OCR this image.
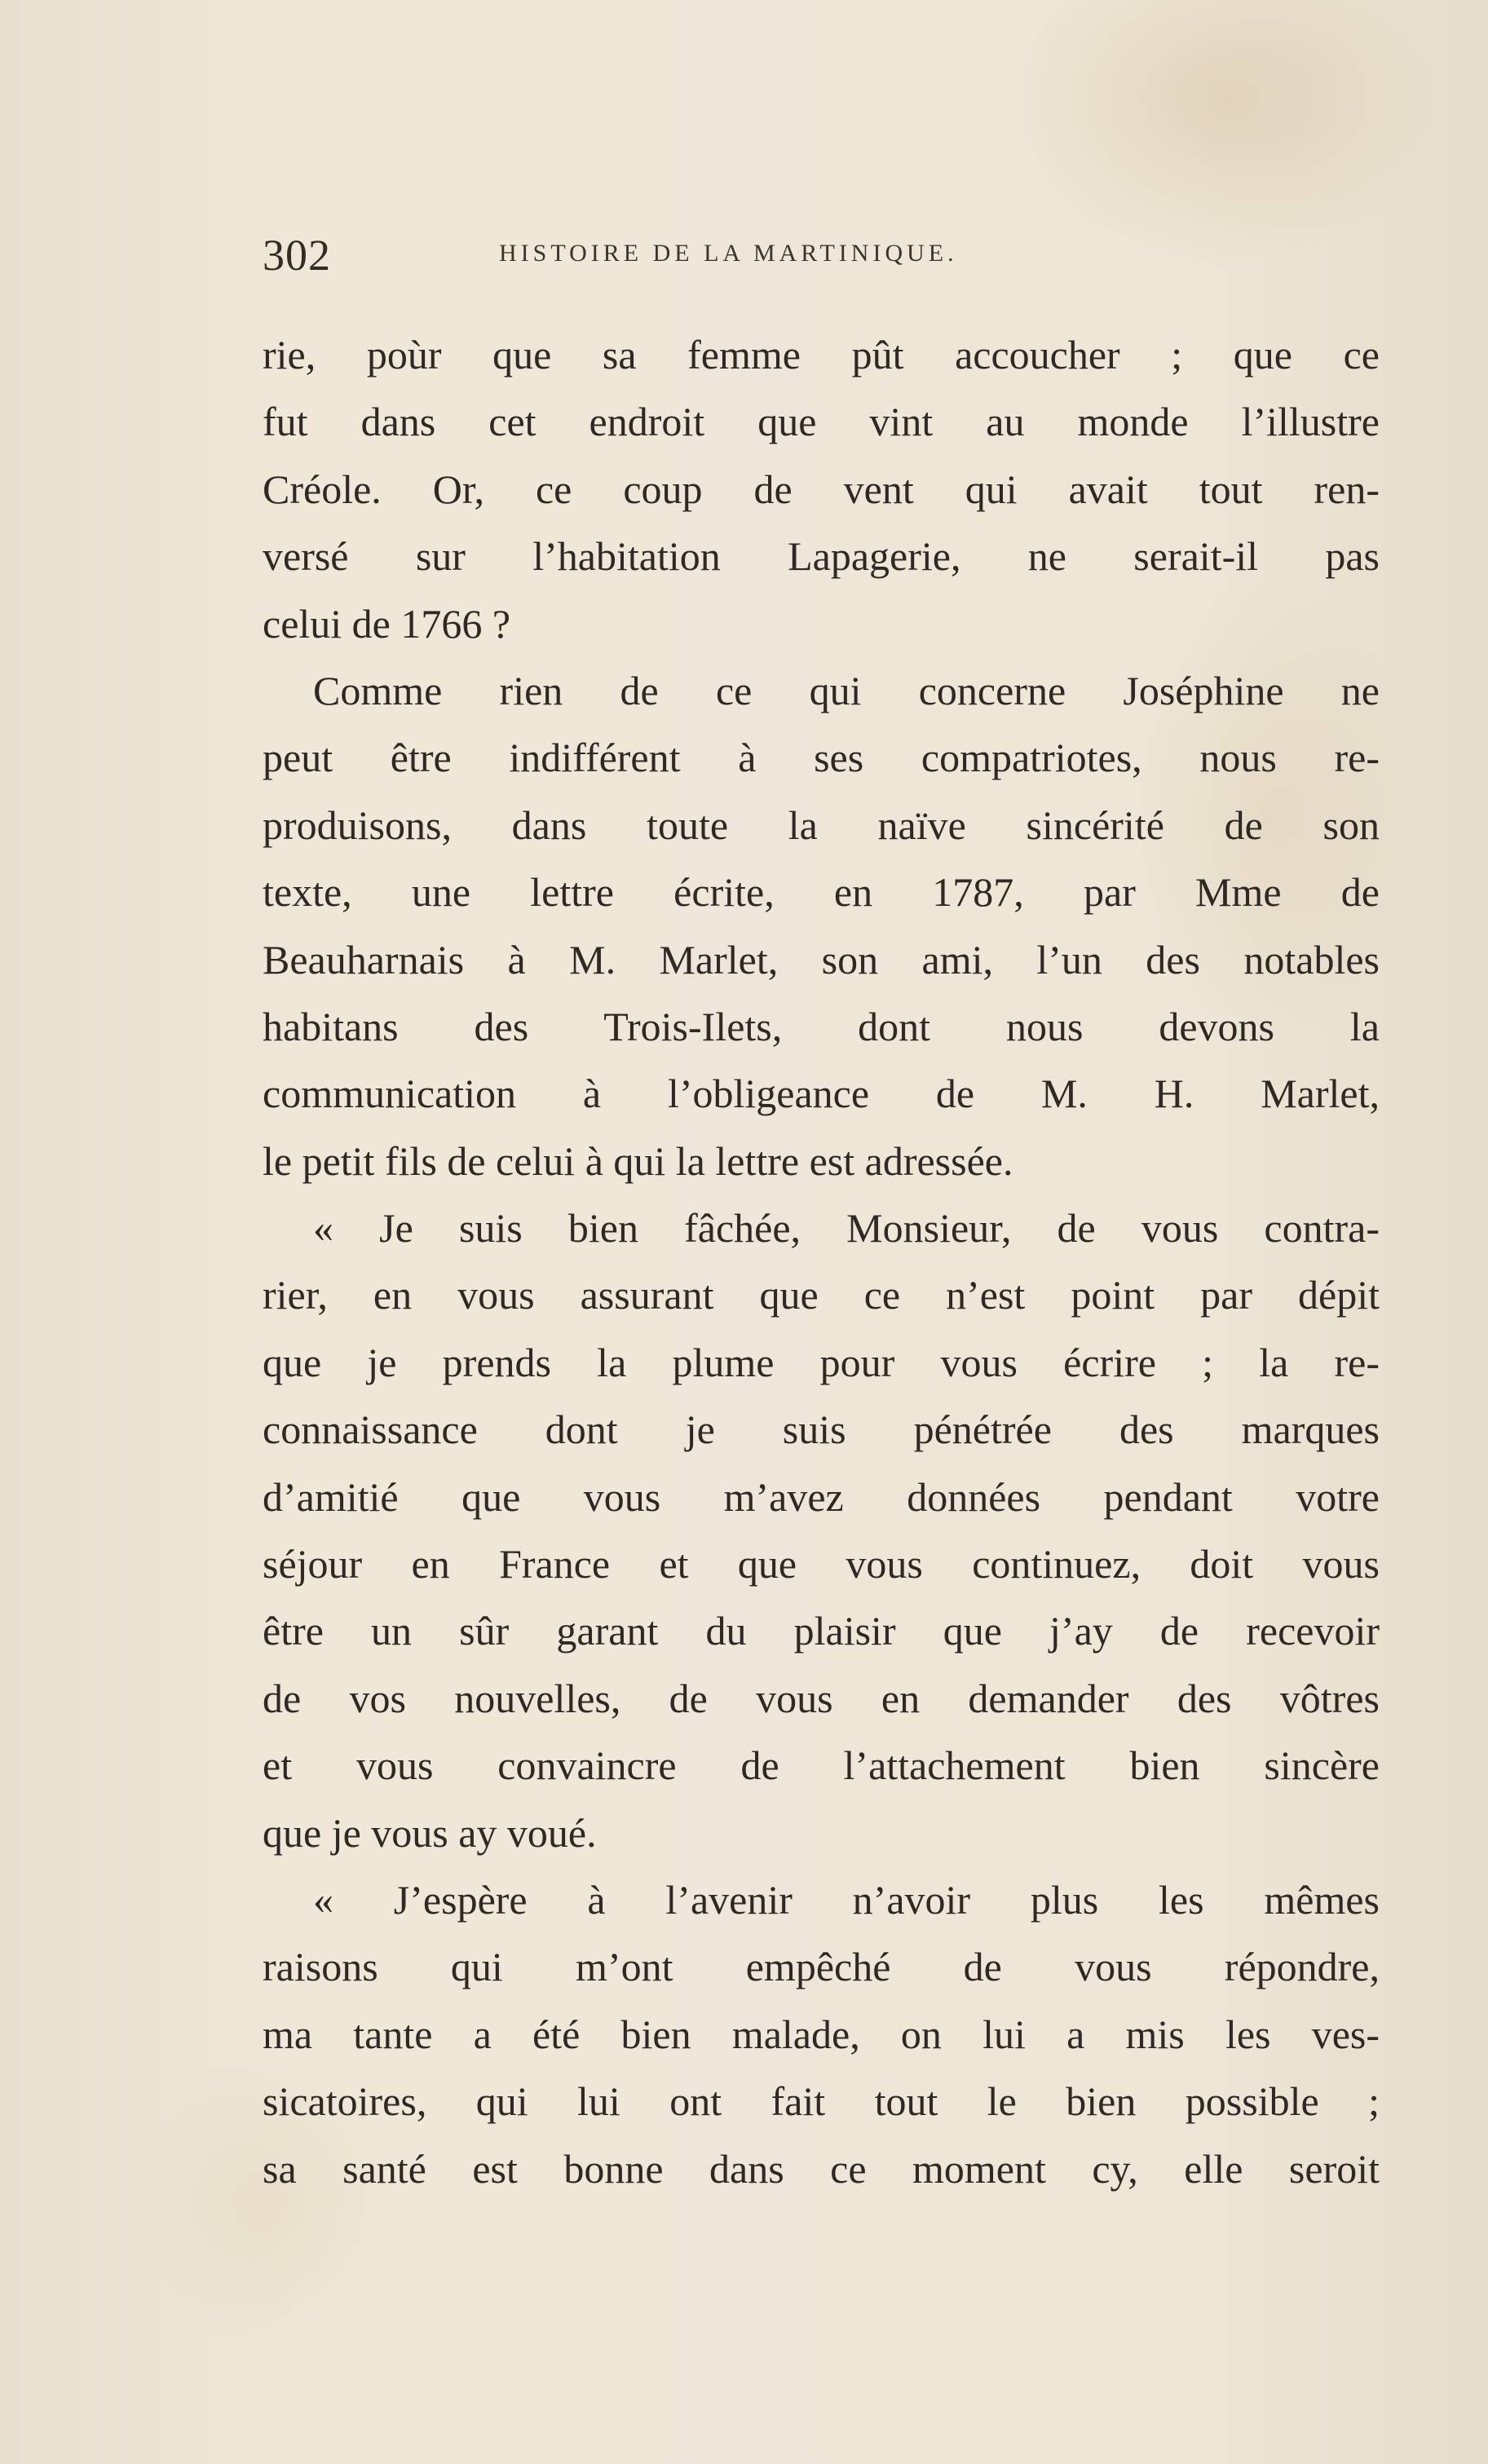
302	HISTOIRE DE LA MARTINIQUE.
rie, poùr que sa femme pût accoucher ; que ce
fut dans cet endroit que vint au monde l’illustre
Créole. Or, ce coup de vent qui avait tout ren-
versé sur l’habitation Lapagerie, ne serait-il pas
celui de 1766 ?
Comme rien de ce qui concerne Joséphine ne
peut être indifférent à ses compatriotes, nous re-
produisons, dans toute la naïve sincérité de son
texte, une lettre écrite, en 1787, par Mme de
Beauharnais à M. Marlet, son ami, l’un des notables
habitans des Trois-Ilets, dont nous devons la
communication à l’obligeance de M. H. Marlet,
le petit fils de celui à qui la lettre est adressée.
« Je suis bien fâchée, Monsieur, de vous contra-
rier, en vous assurant que ce n’est point par dépit
que je prends la plume pour vous écrire ; la re-
connaissance dont je suis pénétrée des marques
d’amitié que vous m’avez données pendant votre
séjour en France et que vous continuez, doit vous
être un sûr garant du plaisir que j’ay de recevoir
de vos nouvelles, de vous en demander des vôtres
et vous convaincre de l’attachement bien sincère
que je vous ay voué.
« J’espère à l’avenir n’avoir plus les mêmes
raisons qui m’ont empêché de vous répondre,
ma tante a été bien malade, on lui a mis les ves-
sicatoires, qui lui ont fait tout le bien possible ;
sa santé est bonne dans ce moment cy, elle seroit
